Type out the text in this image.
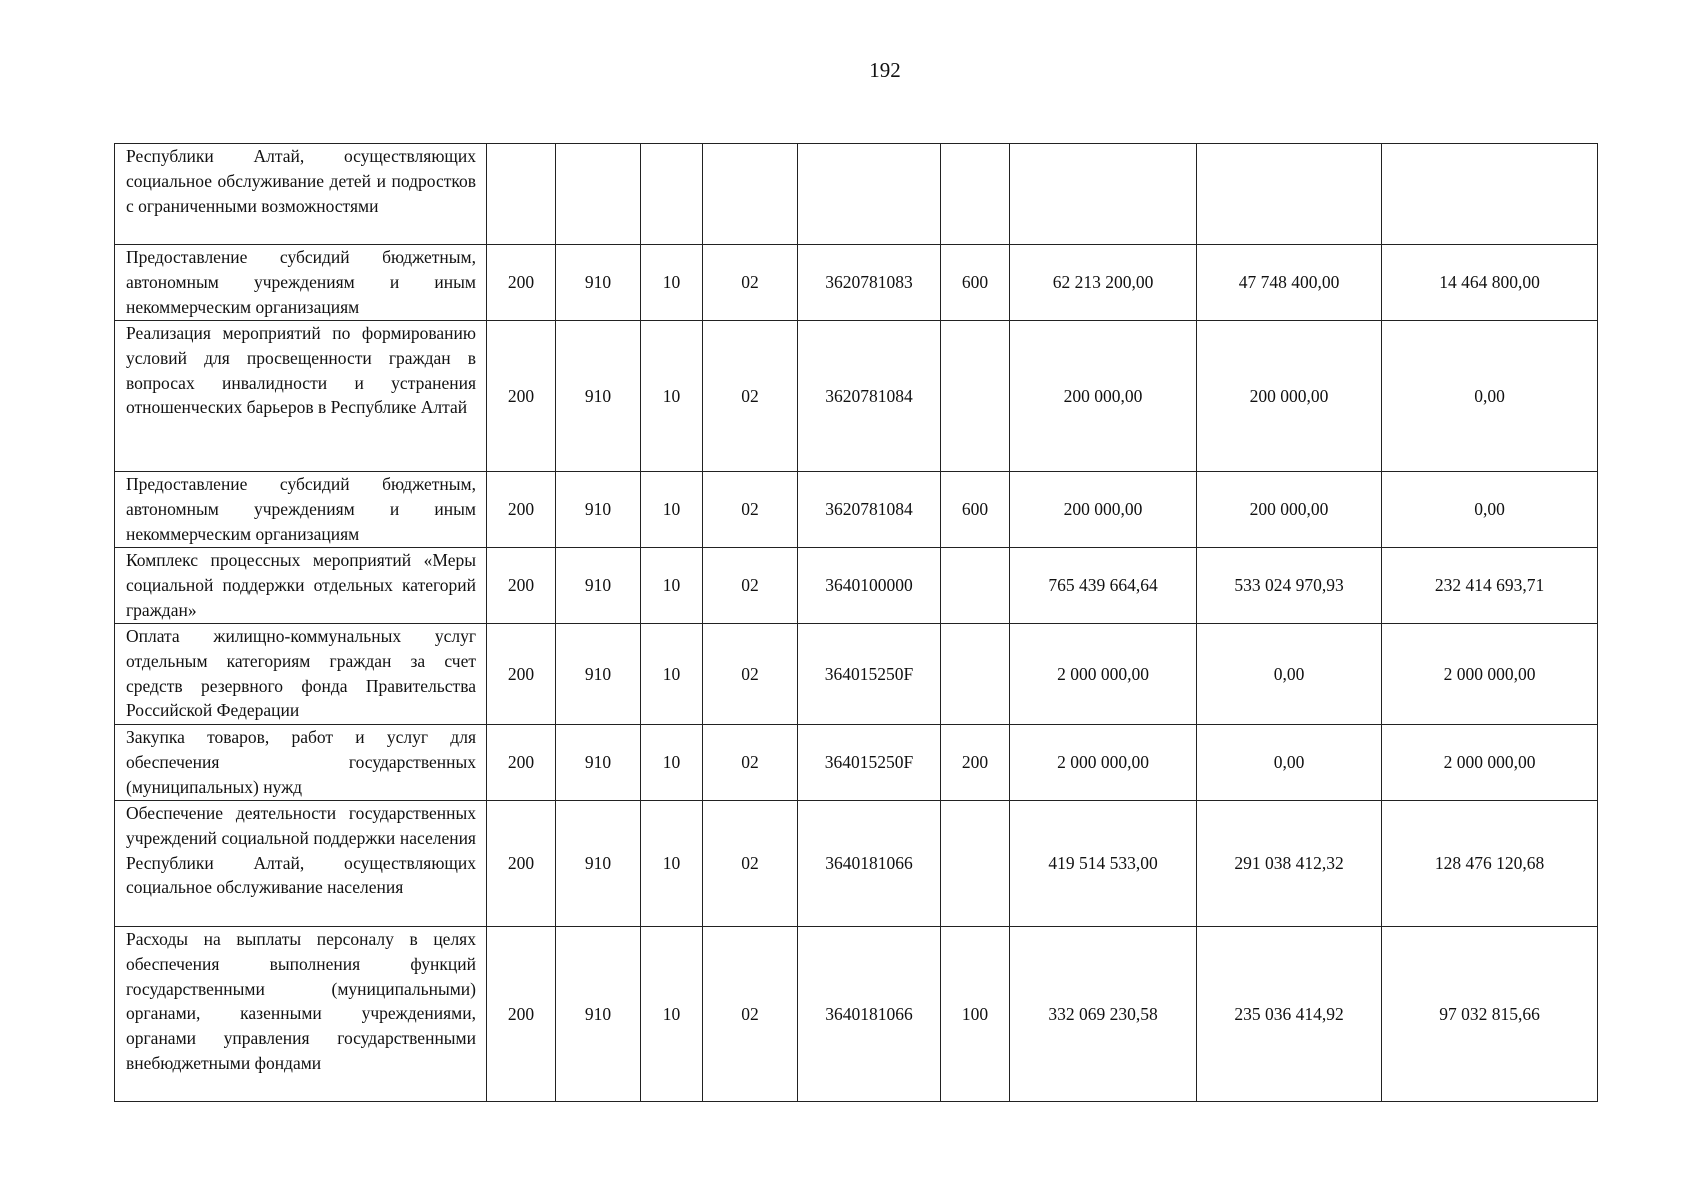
192
Республики Алтай, осуществляющих социальное обслуживание детей и подростков с ограниченными возможностями									
Предоставление субсидий бюджетным, автономным учреждениям и иным некоммерческим организациям	200	910	10	02	3620781083	600	62 213 200,00	47 748 400,00	14 464 800,00
Реализация мероприятий по формированию условий для просвещенности граждан в вопросах инвалидности и устранения отношенческих барьеров в Республике Алтай	200	910	10	02	3620781084		200 000,00	200 000,00	0,00
Предоставление субсидий бюджетным, автономным учреждениям и иным некоммерческим организациям	200	910	10	02	3620781084	600	200 000,00	200 000,00	0,00
Комплекс процессных мероприятий «Меры социальной поддержки отдельных категорий граждан»	200	910	10	02	3640100000		765 439 664,64	533 024 970,93	232 414 693,71
Оплата жилищно-коммунальных услуг отдельным категориям граждан за счет средств резервного фонда Правительства Российской Федерации	200	910	10	02	364015250F		2 000 000,00	0,00	2 000 000,00
Закупка товаров, работ и услуг для обеспечения государственных (муниципальных) нужд	200	910	10	02	364015250F	200	2 000 000,00	0,00	2 000 000,00
Обеспечение деятельности государственных учреждений социальной поддержки населения Республики Алтай, осуществляющих социальное обслуживание населения	200	910	10	02	3640181066		419 514 533,00	291 038 412,32	128 476 120,68
Расходы на выплаты персоналу в целях обеспечения выполнения функций государственными (муниципальными) органами, казенными учреждениями, органами управления государственными внебюджетными фондами	200	910	10	02	3640181066	100	332 069 230,58	235 036 414,92	97 032 815,66
